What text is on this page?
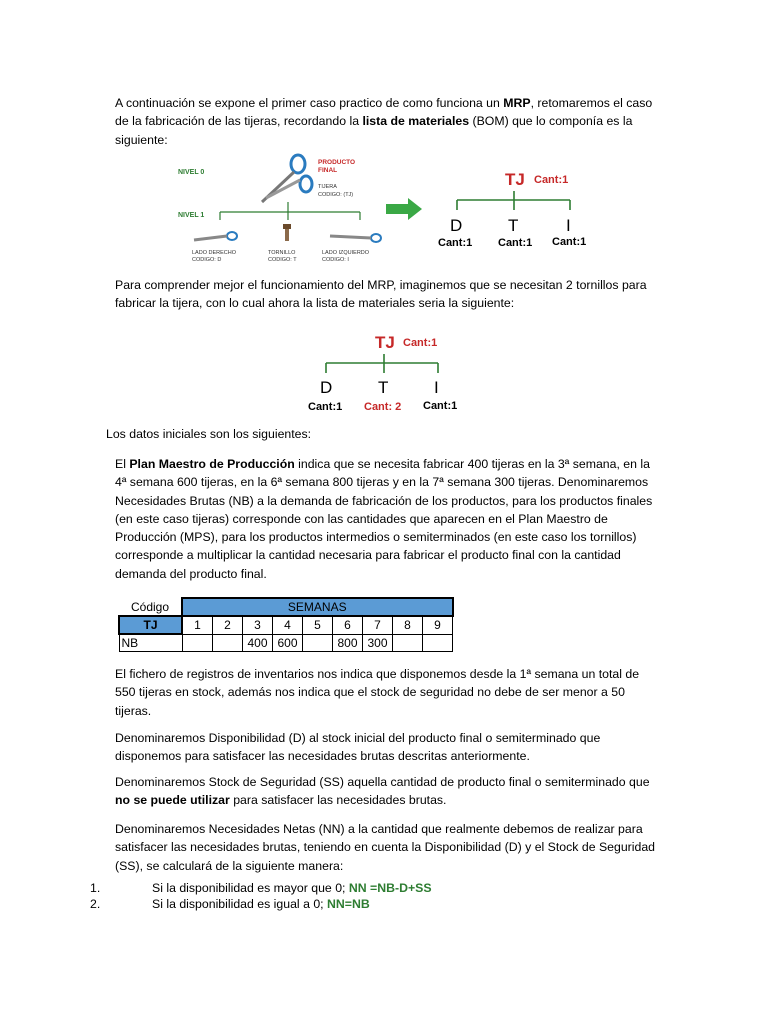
A continuación se expone el primer caso practico de como funciona un MRP, retomaremos el caso de la fabricación de las tijeras, recordando la lista de materiales (BOM) que lo componía es la siguiente:

NIVEL 0
NIVEL 1
PRODUCTO
FINAL
TIJERA
CODIGO: (TJ)
LADO DERECHO
CODIGO: D
TORNILLO
CODIGO: T
LADO IZQUIERDO
CODIGO: I
TJ Cant:1
D	T	I
Cant:1 Cant:1 Cant:1

Para comprender mejor el funcionamiento del MRP, imaginemos que se necesitan 2 tornillos para fabricar la tijera, con lo cual ahora la lista de materiales seria la siguiente:

TJ Cant:1
D	T	I
Cant:1 Cant: 2 Cant:1

Los datos iniciales son los siguientes:

El Plan Maestro de Producción indica que se necesita fabricar 400 tijeras en la 3ª semana, en la 4ª semana 600 tijeras, en la 6ª semana 800 tijeras y en la 7ª semana 300 tijeras. Denominaremos Necesidades Brutas (NB) a la demanda de fabricación de los productos, para los productos finales (en este caso tijeras) corresponde con las cantidades que aparecen en el Plan Maestro de Producción (MPS), para los productos intermedios o semiterminados (en este caso los tornillos) corresponde a multiplicar la cantidad necesaria para fabricar el producto final con la cantidad demanda del producto final.

Código	SEMANAS								
TJ	1	2	3	4	5	6	7	8	9
NB			400	600		800	300		

El fichero de registros de inventarios nos indica que disponemos desde la 1ª semana un total de 550 tijeras en stock, además nos indica que el stock de seguridad no debe de ser menor a 50 tijeras.

Denominaremos Disponibilidad (D) al stock inicial del producto final o semiterminado que disponemos para satisfacer las necesidades brutas descritas anteriormente.

Denominaremos Stock de Seguridad (SS) aquella cantidad de producto final o semiterminado que no se puede utilizar para satisfacer las necesidades brutas.

Denominaremos Necesidades Netas (NN) a la cantidad que realmente debemos de realizar para satisfacer las necesidades brutas, teniendo en cuenta la Disponibilidad (D) y el Stock de Seguridad (SS), se calculará de la siguiente manera:

1.	Si la disponibilidad es mayor que 0; NN =NB-D+SS
2.	Si la disponibilidad es igual a 0; NN=NB
